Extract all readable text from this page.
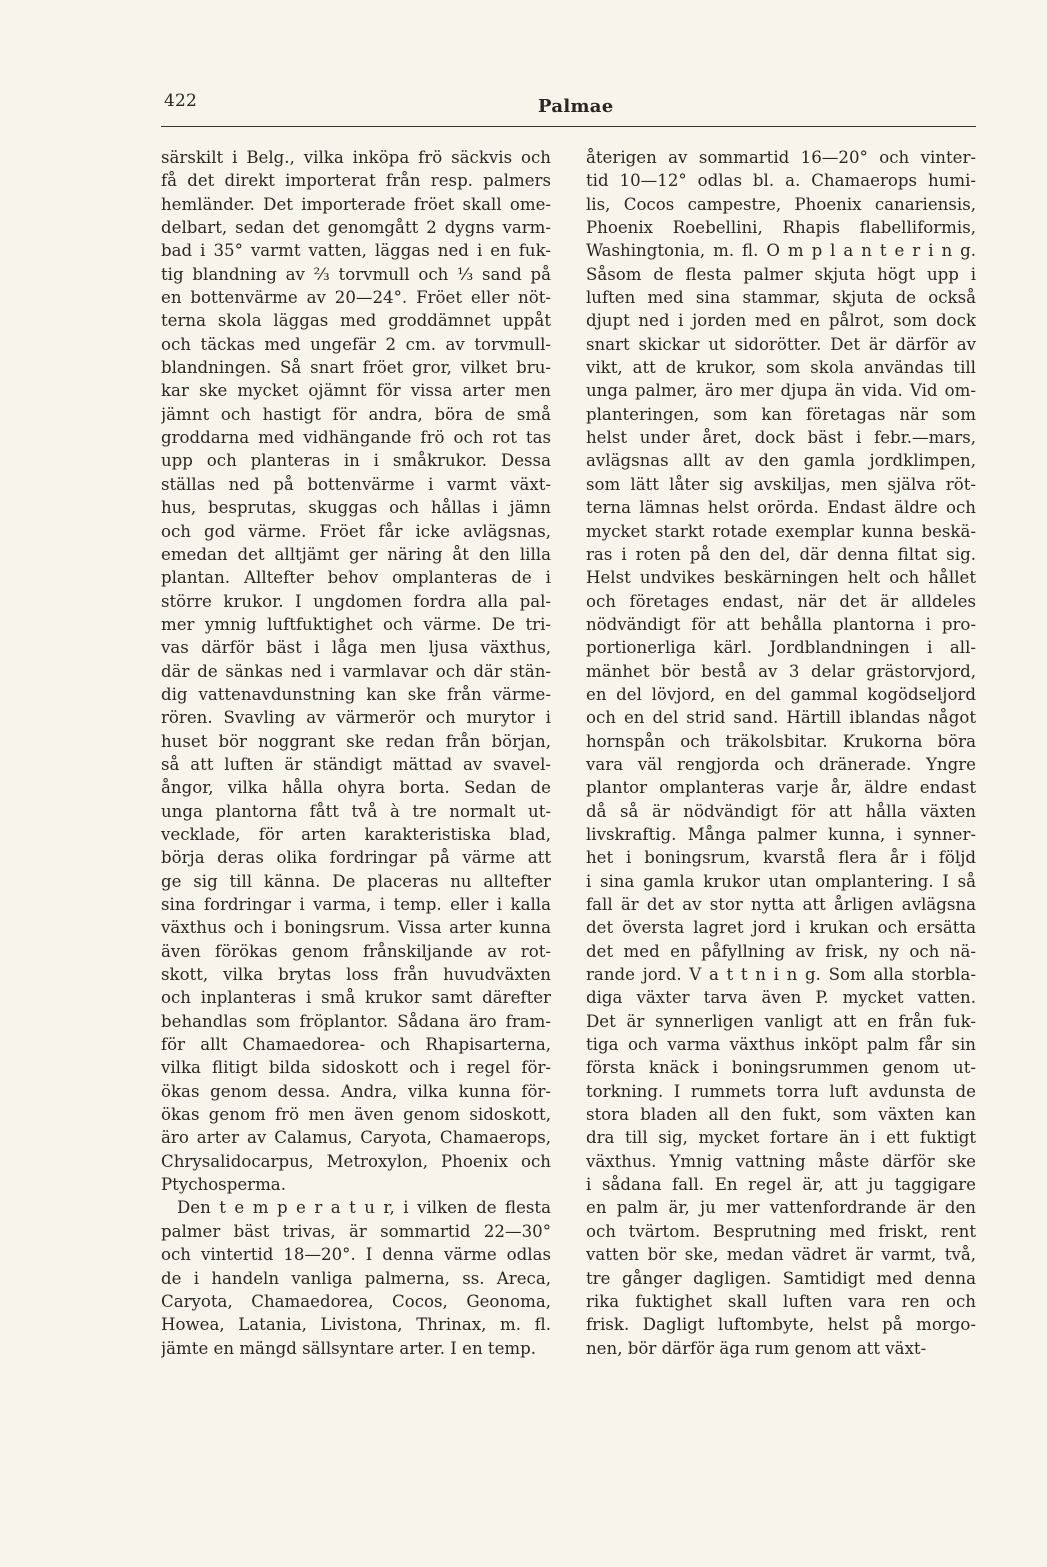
422	Palmae
särskilt i Belg., vilka inköpa frö säckvis och
få det direkt importerat från resp. palmers
hemländer. Det importerade fröet skall ome-
delbart, sedan det genomgått 2 dygns varm-
bad i 35° varmt vatten, läggas ned i en fuk-
tig blandning av ⅔ torvmull och ⅓ sand på
en bottenvärme av 20—24°. Fröet eller nöt-
terna skola läggas med groddämnet uppåt
och täckas med ungefär 2 cm. av torvmull-
blandningen. Så snart fröet gror, vilket bru-
kar ske mycket ojämnt för vissa arter men
jämnt och hastigt för andra, böra de små
groddarna med vidhängande frö och rot tas
upp och planteras in i småkrukor. Dessa
ställas ned på bottenvärme i varmt växt-
hus, besprutas, skuggas och hållas i jämn
och god värme. Fröet får icke avlägsnas,
emedan det alltjämt ger näring åt den lilla
plantan. Alltefter behov omplanteras de i
större krukor. I ungdomen fordra alla pal-
mer ymnig luftfuktighet och värme. De tri-
vas därför bäst i låga men ljusa växthus,
där de sänkas ned i varmlavar och där stän-
dig vattenavdunstning kan ske från värme-
rören. Svavling av värmerör och murytor i
huset bör noggrant ske redan från början,
så att luften är ständigt mättad av svavel-
ångor, vilka hålla ohyra borta. Sedan de
unga plantorna fått två à tre normalt ut-
vecklade, för arten karakteristiska blad,
börja deras olika fordringar på värme att
ge sig till känna. De placeras nu alltefter
sina fordringar i varma, i temp. eller i kalla
växthus och i boningsrum. Vissa arter kunna
även förökas genom frånskiljande av rot-
skott, vilka brytas loss från huvudväxten
och inplanteras i små krukor samt därefter
behandlas som fröplantor. Sådana äro fram-
för allt Chamaedorea- och Rhapisarterna,
vilka flitigt bilda sidoskott och i regel för-
ökas genom dessa. Andra, vilka kunna för-
ökas genom frö men även genom sidoskott,
äro arter av Calamus, Caryota, Chamaerops,
Chrysalidocarpus, Metroxylon, Phoenix och
Ptychosperma.
Den t e m p e r a t u r, i vilken de flesta
palmer bäst trivas, är sommartid 22—30°
och vintertid 18—20°. I denna värme odlas
de i handeln vanliga palmerna, ss. Areca,
Caryota, Chamaedorea, Cocos, Geonoma,
Howea, Latania, Livistona, Thrinax, m. fl.
jämte en mängd sällsyntare arter. I en temp.
återigen av sommartid 16—20° och vinter-
tid 10—12° odlas bl. a. Chamaerops humi-
lis, Cocos campestre, Phoenix canariensis,
Phoenix Roebellini, Rhapis flabelliformis,
Washingtonia, m. fl. O m p l a n t e r i n g.
Såsom de flesta palmer skjuta högt upp i
luften med sina stammar, skjuta de också
djupt ned i jorden med en pålrot, som dock
snart skickar ut sidorötter. Det är därför av
vikt, att de krukor, som skola användas till
unga palmer, äro mer djupa än vida. Vid om-
planteringen, som kan företagas när som
helst under året, dock bäst i febr.—mars,
avlägsnas allt av den gamla jordklimpen,
som lätt låter sig avskiljas, men själva röt-
terna lämnas helst orörda. Endast äldre och
mycket starkt rotade exemplar kunna beskä-
ras i roten på den del, där denna filtat sig.
Helst undvikes beskärningen helt och hållet
och företages endast, när det är alldeles
nödvändigt för att behålla plantorna i pro-
portionerliga kärl. Jordblandningen i all-
mänhet bör bestå av 3 delar grästorvjord,
en del lövjord, en del gammal kogödseljord
och en del strid sand. Härtill iblandas något
hornspån och träkolsbitar. Krukorna böra
vara väl rengjorda och dränerade. Yngre
plantor omplanteras varje år, äldre endast
då så är nödvändigt för att hålla växten
livskraftig. Många palmer kunna, i synner-
het i boningsrum, kvarstå flera år i följd
i sina gamla krukor utan omplantering. I så
fall är det av stor nytta att årligen avlägsna
det översta lagret jord i krukan och ersätta
det med en påfyllning av frisk, ny och nä-
rande jord. V a t t n i n g. Som alla storbla-
diga växter tarva även P. mycket vatten.
Det är synnerligen vanligt att en från fuk-
tiga och varma växthus inköpt palm får sin
första knäck i boningsrummen genom ut-
torkning. I rummets torra luft avdunsta de
stora bladen all den fukt, som växten kan
dra till sig, mycket fortare än i ett fuktigt
växthus. Ymnig vattning måste därför ske
i sådana fall. En regel är, att ju taggigare
en palm är, ju mer vattenfordrande är den
och tvärtom. Besprutning med friskt, rent
vatten bör ske, medan vädret är varmt, två,
tre gånger dagligen. Samtidigt med denna
rika fuktighet skall luften vara ren och
frisk. Dagligt luftombyte, helst på morgo-
nen, bör därför äga rum genom att växt-
